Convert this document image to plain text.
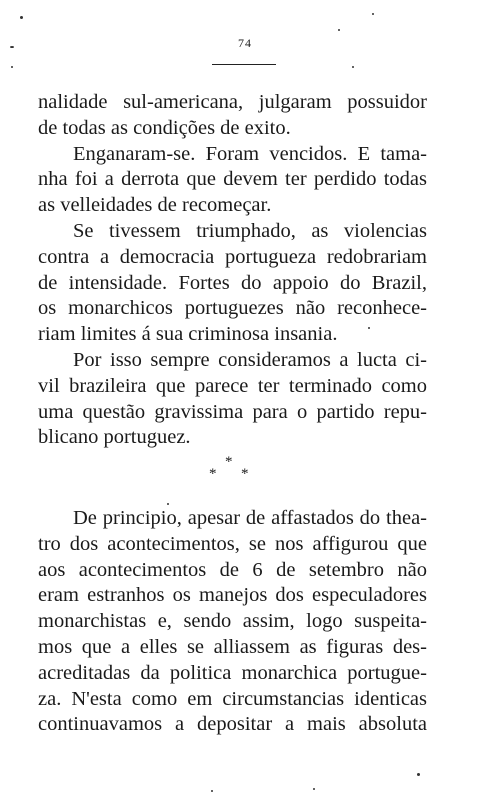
74
nalidade sul-americana, julgaram possuidor
de todas as condições de exito.
Enganaram-se. Foram vencidos. E tama-
nha foi a derrota que devem ter perdido todas
as velleidades de recomeçar.
Se tivessem triumphado, as violencias
contra a democracia portugueza redobrariam
de intensidade. Fortes do appoio do Brazil,
os monarchicos portuguezes não reconhece-
riam limites á sua criminosa insania.
Por isso sempre consideramos a lucta ci-
vil brazileira que parece ter terminado como
uma questão gravissima para o partido repu-
blicano portuguez.
*
* *
De principio, apesar de affastados do thea-
tro dos acontecimentos, se nos affigurou que
aos acontecimentos de 6 de setembro não
eram estranhos os manejos dos especuladores
monarchistas e, sendo assim, logo suspeita-
mos que a elles se alliassem as figuras des-
acreditadas da politica monarchica portugue-
za. N'esta como em circumstancias identicas
continuavamos a depositar a mais absoluta
